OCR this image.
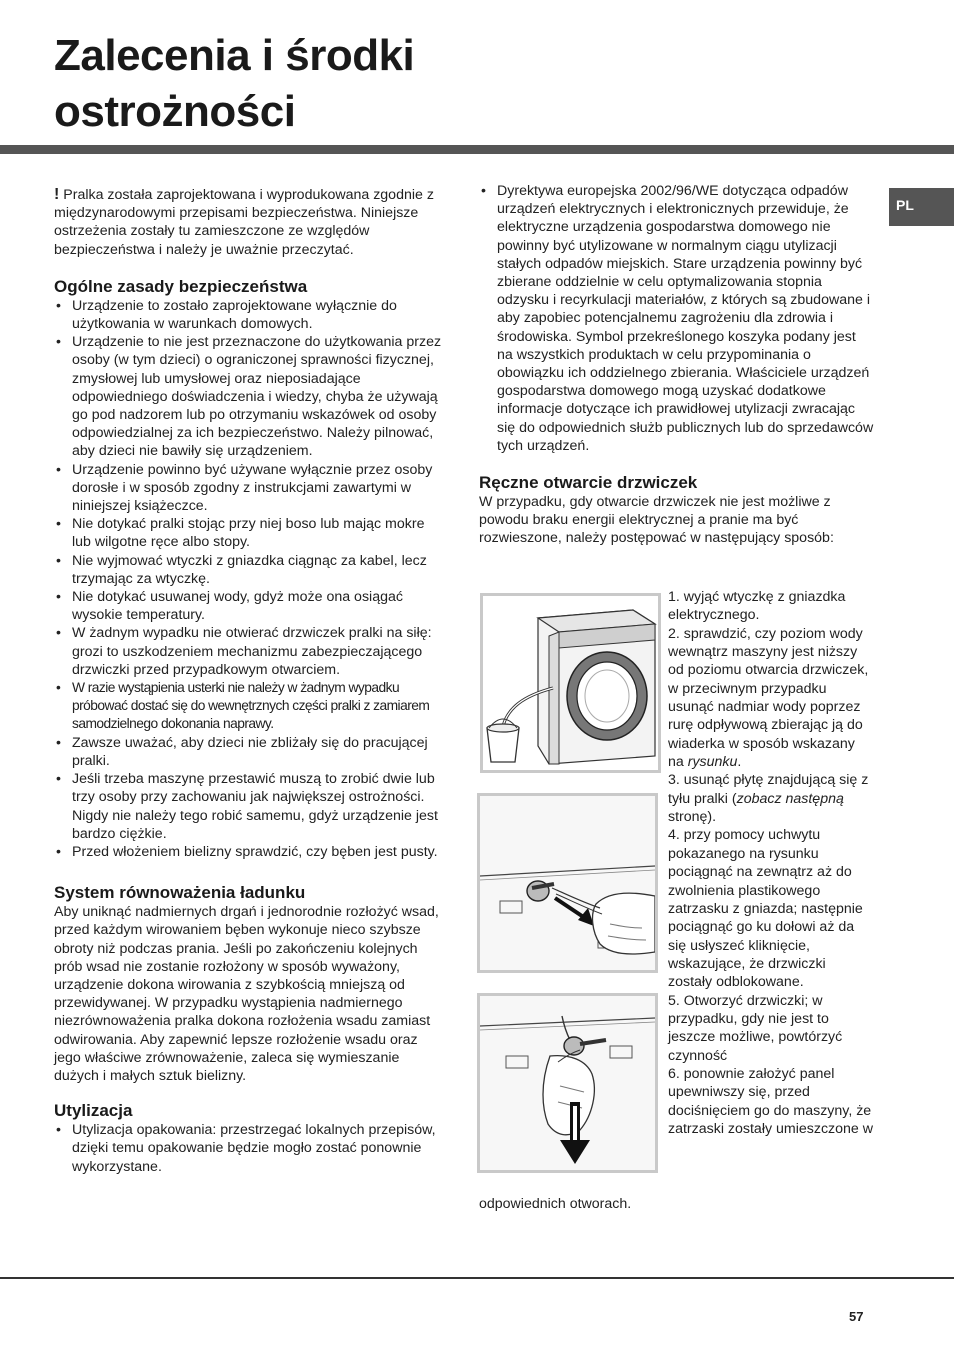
Zalecenia i środki
ostrożności
PL

! Pralka została zaprojektowana i wyprodukowana zgodnie z międzynarodowymi przepisami bezpieczeństwa. Niniejsze ostrzeżenia zostały tu zamieszczone ze względów bezpieczeństwa i należy je uważnie przeczytać.

Ogólne zasady bezpieczeństwa
• Urządzenie to zostało zaprojektowane wyłącznie do użytkowania w warunkach domowych.
• Urządzenie to nie jest przeznaczone do użytkowania przez osoby (w tym dzieci) o ograniczonej sprawności fizycznej, zmysłowej lub umysłowej oraz nieposiadające odpowiedniego doświadczenia i wiedzy, chyba że używają go pod nadzorem lub po otrzymaniu wskazówek od osoby odpowiedzialnej za ich bezpieczeństwo. Należy pilnować, aby dzieci nie bawiły się urządzeniem.
• Urządzenie powinno być używane wyłącznie przez osoby dorosłe i w sposób zgodny z instrukcjami zawartymi w niniejszej książeczce.
• Nie dotykać pralki stojąc przy niej boso lub mając mokre lub wilgotne ręce albo stopy.
• Nie wyjmować wtyczki z gniazdka ciągnąc za kabel, lecz trzymając za wtyczkę.
• Nie dotykać usuwanej wody, gdyż może ona osiągać wysokie temperatury.
• W żadnym wypadku nie otwierać drzwiczek pralki na siłę: grozi to uszkodzeniem mechanizmu zabezpieczającego drzwiczki przed przypadkowym otwarciem.
• W razie wystąpienia usterki nie należy w żadnym wypadku próbować dostać się do wewnętrznych części pralki z zamiarem samodzielnego dokonania naprawy.
• Zawsze uważać, aby dzieci nie zbliżały się do pracującej pralki.
• Jeśli trzeba maszynę przestawić muszą to zrobić dwie lub trzy osoby przy zachowaniu jak największej ostrożności. Nigdy nie należy tego robić samemu, gdyż urządzenie jest bardzo ciężkie.
• Przed włożeniem bielizny sprawdzić, czy bęben jest pusty.
System równoważenia ładunku

Aby uniknąć nadmiernych drgań i jednorodnie rozłożyć wsad, przed każdym wirowaniem bęben wykonuje nieco szybsze obroty niż podczas prania. Jeśli po zakończeniu kolejnych prób wsad nie zostanie rozłożony w sposób wyważony, urządzenie dokona wirowania z szybkością mniejszą od przewidywanej. W przypadku wystąpienia nadmiernego niezrównoważenia pralka dokona rozłożenia wsadu zamiast odwirowania. Aby zapewnić lepsze rozłożenie wsadu oraz jego właściwe zrównoważenie, zaleca się wymieszanie dużych i małych sztuk bielizny.

Utylizacja
• Utylizacja opakowania: przestrzegać lokalnych przepisów, dzięki temu opakowanie będzie mogło zostać ponownie wykorzystane.
• Dyrektywa europejska 2002/96/WE dotycząca odpadów urządzeń elektrycznych i elektronicznych przewiduje, że elektryczne urządzenia gospodarstwa domowego nie powinny być utylizowane w normalnym ciągu utylizacji stałych odpadów miejskich. Stare urządzenia powinny być zbierane oddzielnie w celu optymalizowania stopnia odzysku i recyrkulacji materiałów, z których są zbudowane i aby zapobiec potencjalnemu zagrożeniu dla zdrowia i środowiska. Symbol przekreślonego koszyka podany jest na wszystkich produktach w celu przypominania o obowiązku ich oddzielnego zbierania. Właściciele urządzeń gospodarstwa domowego mogą uzyskać dodatkowe informacje dotyczące ich prawidłowej utylizacji zwracając się do odpowiednich służb publicznych lub do sprzedawców tych urządzeń.
Ręczne otwarcie drzwiczek

W przypadku, gdy otwarcie drzwiczek nie jest możliwe z powodu braku energii elektrycznej a pranie ma być rozwieszone, należy postępować w następujący sposób:

1. wyjąć wtyczkę z gniazdka elektrycznego.

2. sprawdzić, czy poziom wody wewnątrz maszyny jest niższy od poziomu otwarcia drzwiczek, w przeciwnym przypadku usunąć nadmiar wody poprzez rurę odpływową zbierając ją do wiaderka w sposób wskazany na rysunku.

3. usunąć płytę znajdującą się z tyłu pralki (zobacz następną stronę).

4. przy pomocy uchwytu pokazanego na rysunku pociągnąć na zewnątrz aż do zwolnienia plastikowego zatrzasku z gniazda; następnie pociągnąć go ku dołowi aż da się usłyszeć kliknięcie, wskazujące, że drzwiczki zostały odblokowane.

5. Otworzyć drzwiczki; w przypadku, gdy nie jest to jeszcze możliwe, powtórzyć czynność

6. ponownie założyć panel upewniwszy się, przed dociśnięciem go do maszyny, że zatrzaski zostały umieszczone w

odpowiednich otworach.
57
